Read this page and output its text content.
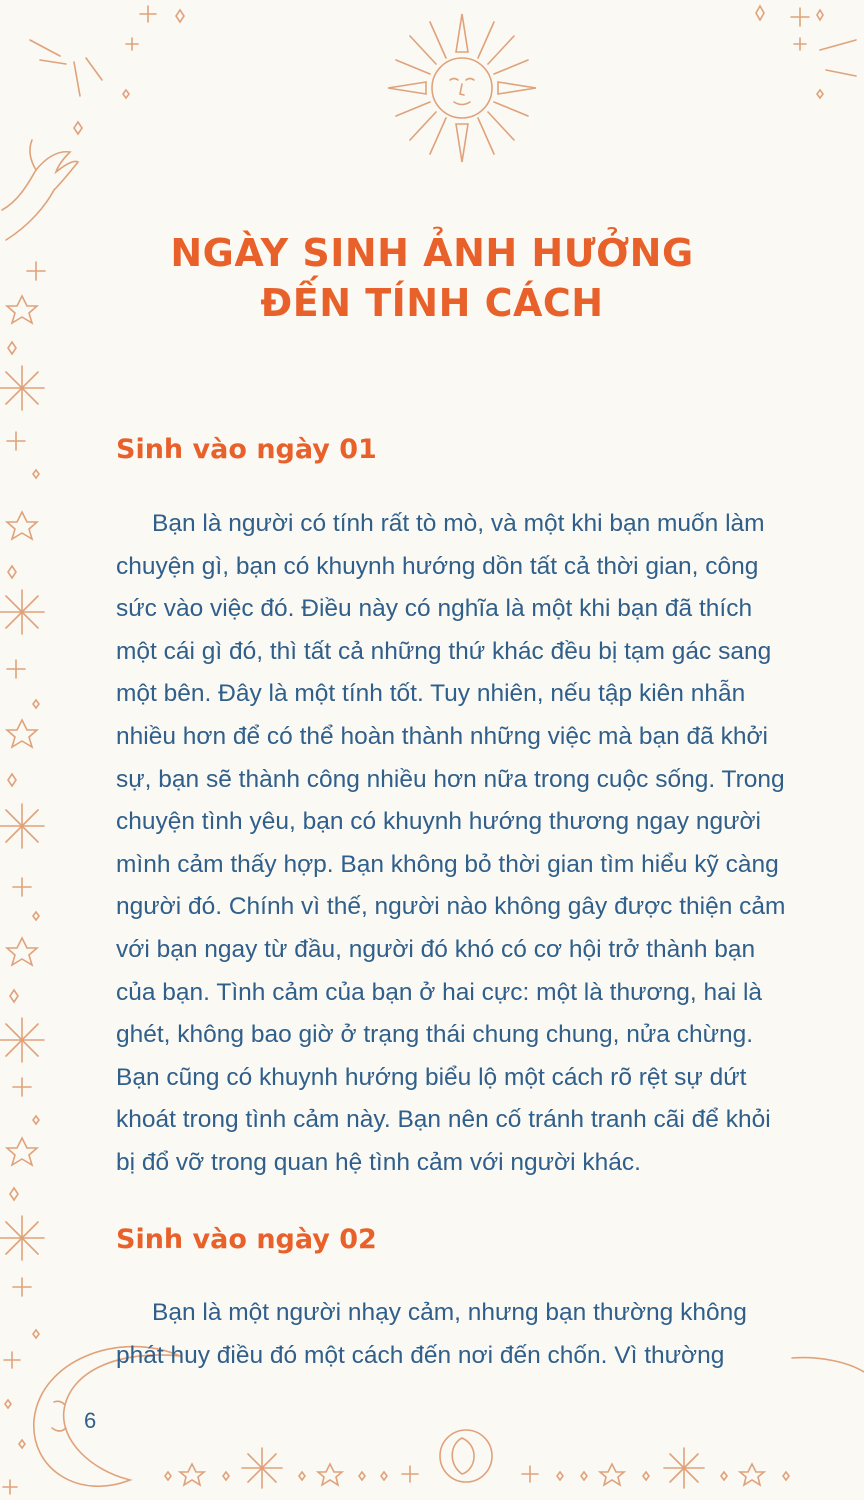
NGÀY SINH ẢNH HƯỞNG
ĐẾN TÍNH CÁCH
Sinh vào ngày 01
Bạn là người có tính rất tò mò, và một khi bạn muốn làm
chuyện gì, bạn có khuynh hướng dồn tất cả thời gian, công
sức vào việc đó. Điều này có nghĩa là một khi bạn đã thích
một cái gì đó, thì tất cả những thứ khác đều bị tạm gác sang
một bên. Đây là một tính tốt. Tuy nhiên, nếu tập kiên nhẫn
nhiều hơn để có thể hoàn thành những việc mà bạn đã khởi
sự, bạn sẽ thành công nhiều hơn nữa trong cuộc sống. Trong
chuyện tình yêu, bạn có khuynh hướng thương ngay người
mình cảm thấy hợp. Bạn không bỏ thời gian tìm hiểu kỹ càng
người đó. Chính vì thế, người nào không gây được thiện cảm
với bạn ngay từ đầu, người đó khó có cơ hội trở thành bạn
của bạn. Tình cảm của bạn ở hai cực: một là thương, hai là
ghét, không bao giờ ở trạng thái chung chung, nửa chừng.
Bạn cũng có khuynh hướng biểu lộ một cách rõ rệt sự dứt
khoát trong tình cảm này. Bạn nên cố tránh tranh cãi để khỏi
bị đổ vỡ trong quan hệ tình cảm với người khác.
Sinh vào ngày 02
Bạn là một người nhạy cảm, nhưng bạn thường không
phát huy điều đó một cách đến nơi đến chốn. Vì thường
6
